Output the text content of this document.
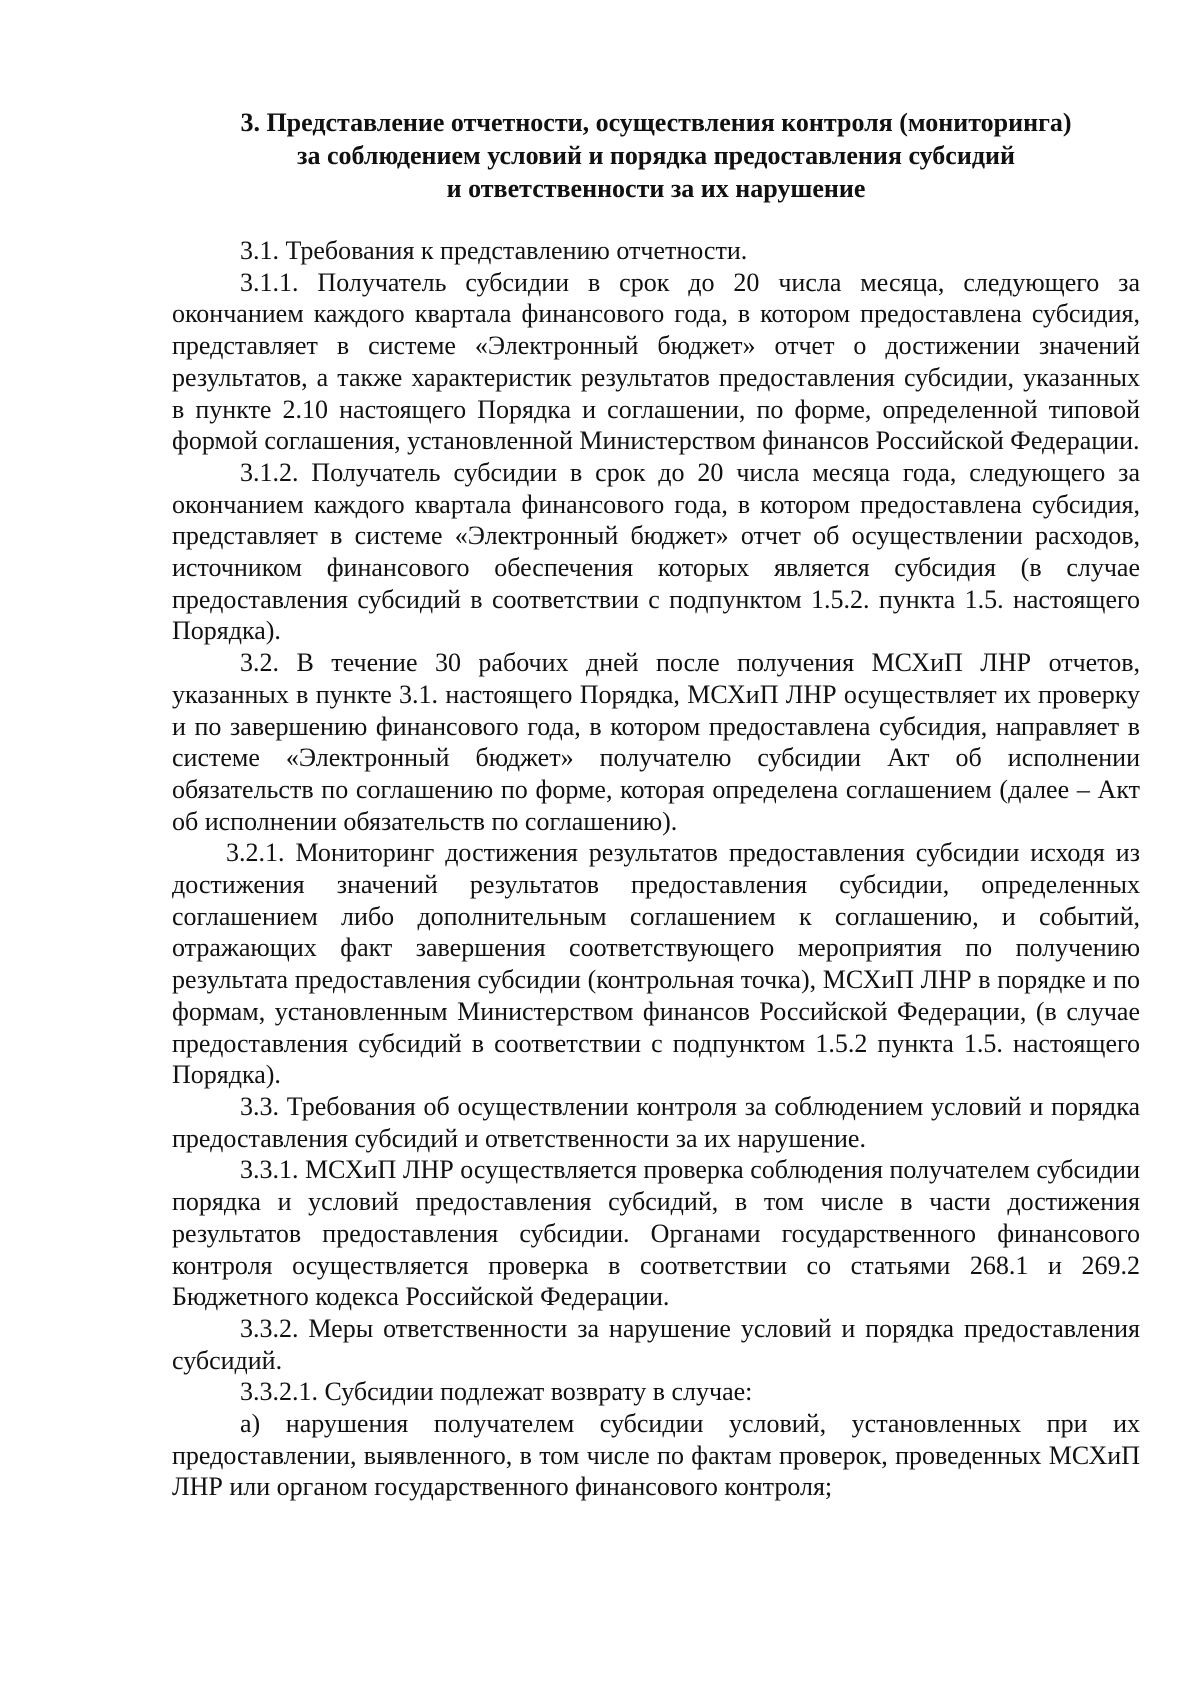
3. Представление отчетности, осуществления контроля (мониторинга)
за соблюдением условий и порядка предоставления субсидий
и ответственности за их нарушение

3.1. Требования к представлению отчетности.

3.1.1. Получатель субсидии в срок до 20 числа месяца, следующего за окончанием каждого квартала финансового года, в котором предоставлена субсидия, представляет в системе «Электронный бюджет» отчет о достижении значений результатов, а также характеристик результатов предоставления субсидии, указанных в пункте 2.10 настоящего Порядка и соглашении, по форме, определенной типовой формой соглашения, установленной Министерством финансов Российской Федерации.

3.1.2. Получатель субсидии в срок до 20 числа месяца года, следующего за окончанием каждого квартала финансового года, в котором предоставлена субсидия, представляет в системе «Электронный бюджет» отчет об осуществлении расходов, источником финансового обеспечения которых является субсидия (в случае предоставления субсидий в соответствии с подпунктом 1.5.2. пункта 1.5. настоящего Порядка).

3.2. В течение 30 рабочих дней после получения МСХиП ЛНР отчетов, указанных в пункте 3.1. настоящего Порядка, МСХиП ЛНР осуществляет их проверку и по завершению финансового года, в котором предоставлена субсидия, направляет в системе «Электронный бюджет» получателю субсидии Акт об исполнении обязательств по соглашению по форме, которая определена соглашением (далее – Акт об исполнении обязательств по соглашению).

3.2.1. Мониторинг достижения результатов предоставления субсидии исходя из достижения значений результатов предоставления субсидии, определенных соглашением либо дополнительным соглашением к соглашению, и событий, отражающих факт завершения соответствующего мероприятия по получению результата предоставления субсидии (контрольная точка), МСХиП ЛНР в порядке и по формам, установленным Министерством финансов Российской Федерации, (в случае предоставления субсидий в соответствии с подпунктом 1.5.2 пункта 1.5. настоящего Порядка).

3.3. Требования об осуществлении контроля за соблюдением условий и порядка предоставления субсидий и ответственности за их нарушение.

3.3.1. МСХиП ЛНР осуществляется проверка соблюдения получателем субсидии порядка и условий предоставления субсидий, в том числе в части достижения результатов предоставления субсидии. Органами государственного финансового контроля осуществляется проверка в соответствии со статьями 268.1 и 269.2 Бюджетного кодекса Российской Федерации.

3.3.2. Меры ответственности за нарушение условий и порядка предоставления субсидий.

3.3.2.1. Субсидии подлежат возврату в случае:

а) нарушения получателем субсидии условий, установленных при их предоставлении, выявленного, в том числе по фактам проверок, проведенных МСХиП ЛНР или органом государственного финансового контроля;
